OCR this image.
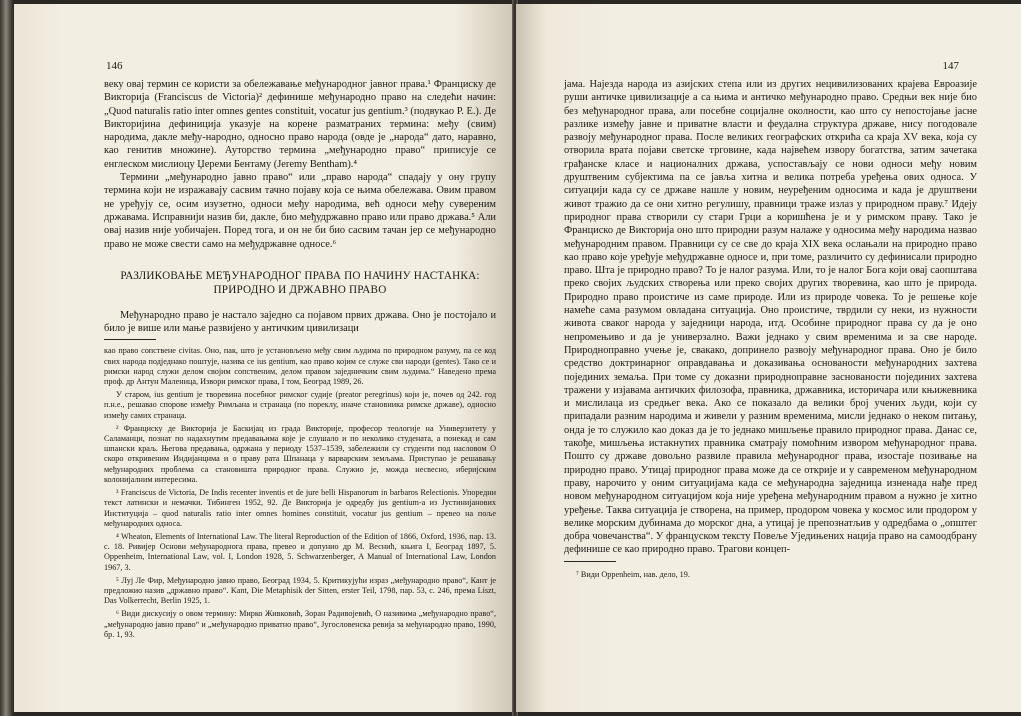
146

веку овај термин се користи за обележавање међународног јавног права.¹ Франциску де Викторија (Franciscus de Victoria)² дефинише међународно право на следећи начин: „Quod naturalis ratio inter omnes gentes constituit, vocatur jus gentium.³ (подвукао Р. Е.). Де Викторијина дефиниција указује на корене разматраних термина: међу (свим) народима, дакле међу-народно, односно право народа (овде је „народа“ дато, наравно, као генитив множине). Ауторство термина „међународно право“ приписује се енглеском мислиоцу Џереми Бентаму (Jeremy Bentham).⁴

Термини „међународно јавно право“ или „право народа“ спадају у ону групу термина који не изражавају сасвим тачно појаву која се њима обележава. Овим правом не уређују се, осим изузетно, односи међу народима, већ односи међу сувереним државама. Исправнији назив би, дакле, био међудржавно право или право држава.⁵ Али овај назив није уобичајен. Поред тога, и он не би био сасвим тачан јер се међународно право не може свести само на међудржавне односе.⁶

РАЗЛИКОВАЊЕ МЕЂУНАРОДНОГ ПРАВА ПО НАЧИНУ НАСТАНКА: ПРИРОДНО И ДРЖАВНО ПРАВО

Међународно право је настало заједно са појавом првих држава. Оно је постојало и било је више или мање развијено у античким цивилизаци

као право сопствене civitas. Оно, пак, што је установљено међу свим људима по природном разуму, па се код свих народа подједнако поштује, назива се ius gentium, као право којим се служе сви народи (gentes). Тако се и римски народ служи делом својим сопственим, делом правом заједничким свим људима.“ Наведено према проф. др Антун Маленица, Извори римског права, I том, Београд 1989, 26.

У старом, ius gentium је творевина посебног римског судије (preator peregrinus) који је, почев од 242. год п.н.е., решавао спорове између Римљана и странаца (по пореклу, иначе становника римске државе), односно између самих странаца.

² Франциску де Викторија је Баскијац из града Викторије, професор теологије на Универзитету у Саламанци, познат по надахнутим предавањима које је слушало и по неколико студената, а понекад и сам шпански краљ. Његова предавања, одржана у периоду 1537–1539, забележили су студенти под насловом О скоро откривеним Индијанцима и о праву рата Шпанаца у варварским земљама. Приступао је решавању међународних проблема са становишта природног права. Служио је, можда несвесно, иберијским колонијалним интересима.

³ Franciscus de Victoria, De Indis recenter inventis et de jure belli Hispanorum in barbaros Relectionis. Упоредни текст латински и немачки. Тибинген 1952, 92. Де Викторија је одредбу jus gentium-а из Јустинијанових Институција – quod naturalis ratio inter omnes homines constituit, vocatur jus gentium – превео на поље међународних односа.

⁴ Wheaton, Elements of International Law. The literal Reproduction of the Edition of 1866, Oxford, 1936, пар. 13. с. 18. Ривијер Основи међународнога права, превео и допунио др М. Веснић, књига I, Београд 1897, 5. Oppenheim, International Law, vol. I, London 1928, 5. Schwarzenberger, A Manual of International Law, London 1967, 3.

⁵ Луј Ле Фир, Међународно јавно право, Београд 1934, 5. Критикујући израз „међународно право“, Кант је предложио назив „државно право“. Kant, Die Metaphisik der Sitten, erster Teil, 1798, пар. 53, с. 246, према Liszt, Das Volkerrecht, Berlin 1925, 1.

⁶ Види дискусију о овом термину: Мирко Живковић, Зоран Радивојевић, О називима „међународно право“, „међународно јавно право“ и „међународно приватно право“, Југословенска ревија за међународно право, 1990, бр. 1, 93.

147

јама. Најезда народа из азијских степа или из других нецивилизованих крајева Евроазије руши античке цивилизације а са њима и античко међународно право. Средњи век није био без међународног права, али посебне социјалне околности, као што су непостојање јасне разлике између јавне и приватне власти и феудална структура државе, нису погодовале развоју међународног права. После великих географских открића са краја XV века, која су отворила врата појави светске трговине, када највећем извору богатства, затим зачетака грађанске класе и националних држава, успостављају се нови односи међу новим друштвеним субјектима па се јавља хитна и велика потреба уређења ових односа. У ситуацији када су се државе нашле у новим, неуређеним односима и када је друштвени живот тражио да се они хитно регулишу, правници траже излаз у природном праву.⁷ Идеју природног права створили су стари Грци а коришћена је и у римском праву. Тако је Франциско де Викторија оно што природни разум налаже у односима међу народима назвао међународним правом. Правници су се све до краја XIX века ослањали на природно право као право које уређује међудржавне односе и, при томе, различито су дефинисали природно право. Шта је природно право? То је налог разума. Или, то је налог Бога који овај саопштава преко својих људских створења или преко својих других творевина, као што је природа. Природно право проистиче из саме природе. Или из природе човека. То је решење које намеће сама разумом овладана ситуација. Оно проистиче, тврдили су неки, из нужности живота сваког народа у заједници народа, итд. Особине природног права су да је оно непромењиво и да је универзално. Важи једнако у свим временима и за све народе. Природноправно учење је, свакако, допринело развоју међународног права. Оно је било средство доктринарног оправдавања и доказивања основаности међународних захтева појединих земаља. При томе су доказни природноправне засновaности појединих захтева тражени у изјавама античких филозофа, правника, државника, историчара или књижевника и мислилаца из средњег века. Ако се показало да велики број учених људи, који су припадали разним народима и живели у разним временима, мисли једнако о неком питању, онда је то служило као доказ да је то једнако мишљење правило природног права. Данас се, такође, мишљења истакнутих правника сматрају помоћним извором међународног права. Пошто су државе довољно развиле правила међународног права, изостаје позивање на природно право. Утицај природног права може да се открије и у савременом међународном праву, нарочито у оним ситуацијама када се међународна заједница изненада нађе пред новом међународном ситуацијом која није уређена међународним правом а нужно је хитно уређење. Таква ситуација је створена, на пример, продором човека у космос или продором у велике морским дубинама до морског дна, а утицај је препознатљив у одредбама о „општег добра човечанства“. У француском тексту Повеље Уједињених нација право на самоодбрану дефинише се као природно право. Трагови концеп-

⁷ Види Oppenheim, нав. дело, 19.
